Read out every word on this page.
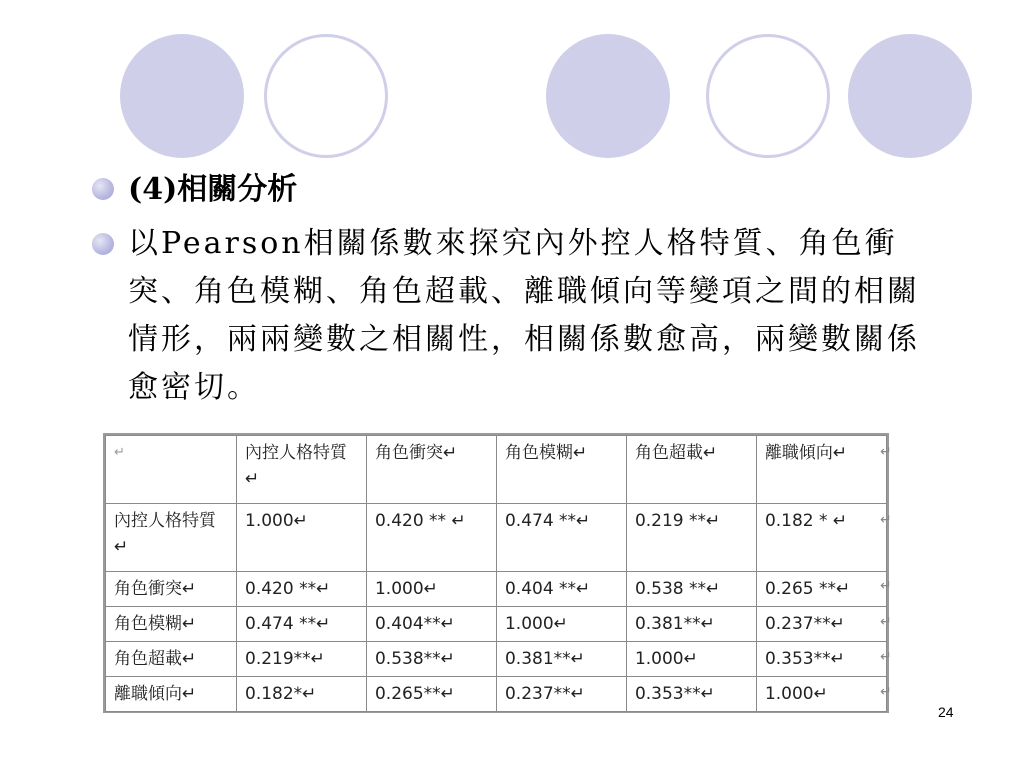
(4)相關分析
以Pearson相關係數來探究內外控人格特質、角色衝突、角色模糊、角色超載、離職傾向等變項之間的相關情形，兩兩變數之相關性，相關係數愈高，兩變數關係愈密切。
↵	內控人格特質↵	角色衝突↵	角色模糊↵	角色超載↵	離職傾向↵
內控人格特質↵	1.000↵	0.420 ** ↵	0.474 **↵	0.219 **↵	0.182 * ↵
角色衝突↵	0.420 **↵	1.000↵	0.404 **↵	0.538 **↵	0.265 **↵
角色模糊↵	0.474 **↵	0.404**↵	1.000↵	0.381**↵	0.237**↵
角色超載↵	0.219**↵	0.538**↵	0.381**↵	1.000↵	0.353**↵
離職傾向↵	0.182*↵	0.265**↵	0.237**↵	0.353**↵	1.000↵
↵
↵
↵
↵
↵
↵
24
